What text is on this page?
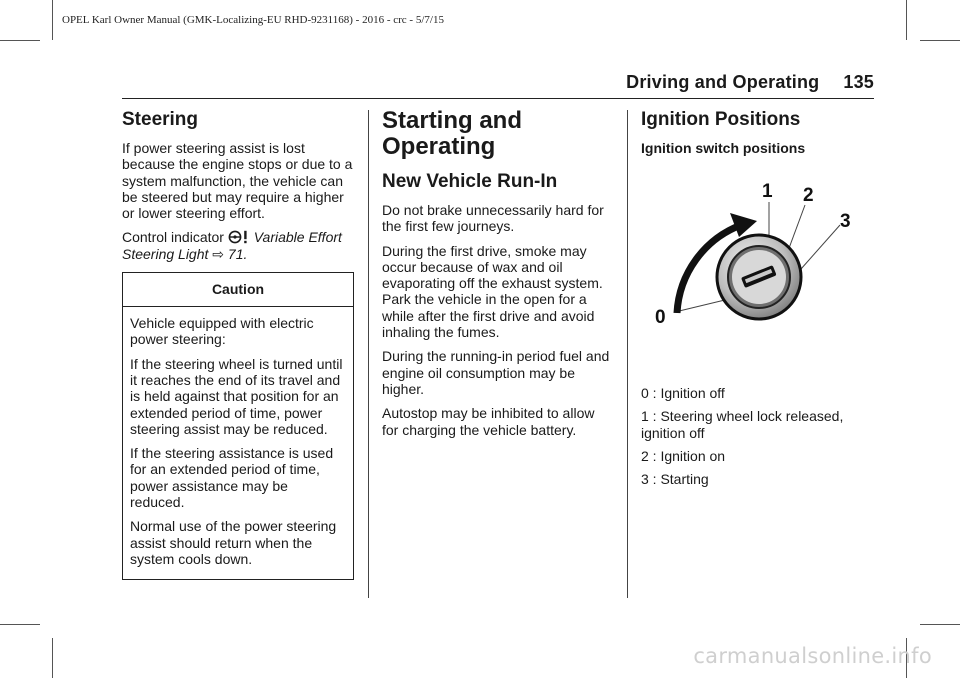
OPEL Karl Owner Manual (GMK-Localizing-EU RHD-9231168) - 2016 - crc - 5/7/15
Driving and Operating 135
Steering

If power steering assist is lost because the engine stops or due to a system malfunction, the vehicle can be steered but may require a higher or lower steering effort.

Control indicator Variable Effort Steering Light ⇨ 71.

Caution

Vehicle equipped with electric power steering:

If the steering wheel is turned until it reaches the end of its travel and is held against that position for an extended period of time, power steering assist may be reduced.

If the steering assistance is used for an extended period of time, power assistance may be reduced.

Normal use of the power steering assist should return when the system cools down.

Starting and Operating
New Vehicle Run-In

Do not brake unnecessarily hard for the first few journeys.

During the first drive, smoke may occur because of wax and oil evaporating off the exhaust system. Park the vehicle in the open for a while after the first drive and avoid inhaling the fumes.

During the running-in period fuel and engine oil consumption may be higher.

Autostop may be inhibited to allow for charging the vehicle battery.

Ignition Positions
Ignition switch positions
0
1 2
3

0 : Ignition off

1 : Steering wheel lock released, ignition off

2 : Ignition on

3 : Starting

carmanualsonline.info
